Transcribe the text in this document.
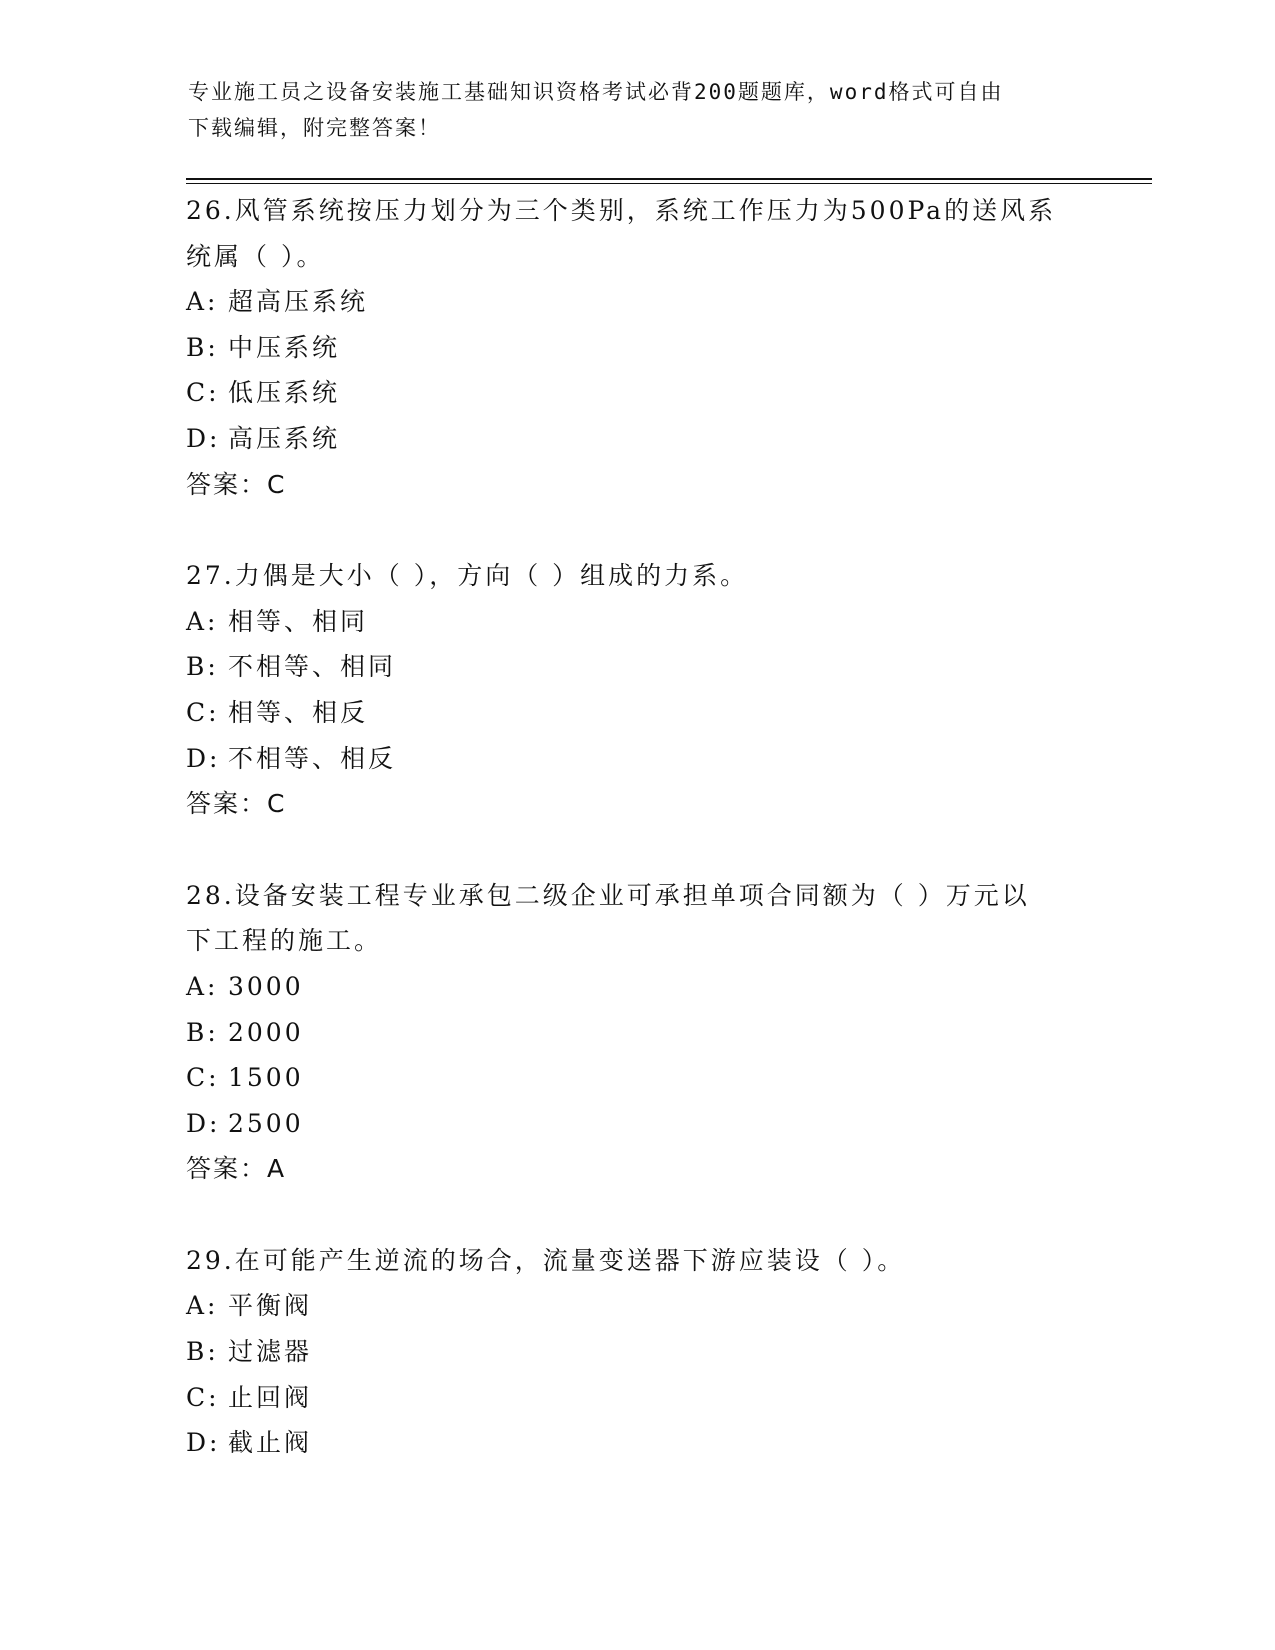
专业施工员之设备安装施工基础知识资格考试必背200题题库，word格式可自由
下载编辑，附完整答案！
26.风管系统按压力划分为三个类别，系统工作压力为500Pa的送风系
统属（ ）。
A: 超高压系统
B: 中压系统
C: 低压系统
D: 高压系统
答案：C
27.力偶是大小（ ），方向（ ）组成的力系。
A: 相等、相同
B: 不相等、相同
C: 相等、相反
D: 不相等、相反
答案：C
28.设备安装工程专业承包二级企业可承担单项合同额为（ ）万元以
下工程的施工。
A: 3000
B: 2000
C: 1500
D: 2500
答案：A
29.在可能产生逆流的场合，流量变送器下游应装设（ ）。
A: 平衡阀
B: 过滤器
C: 止回阀
D: 截止阀
